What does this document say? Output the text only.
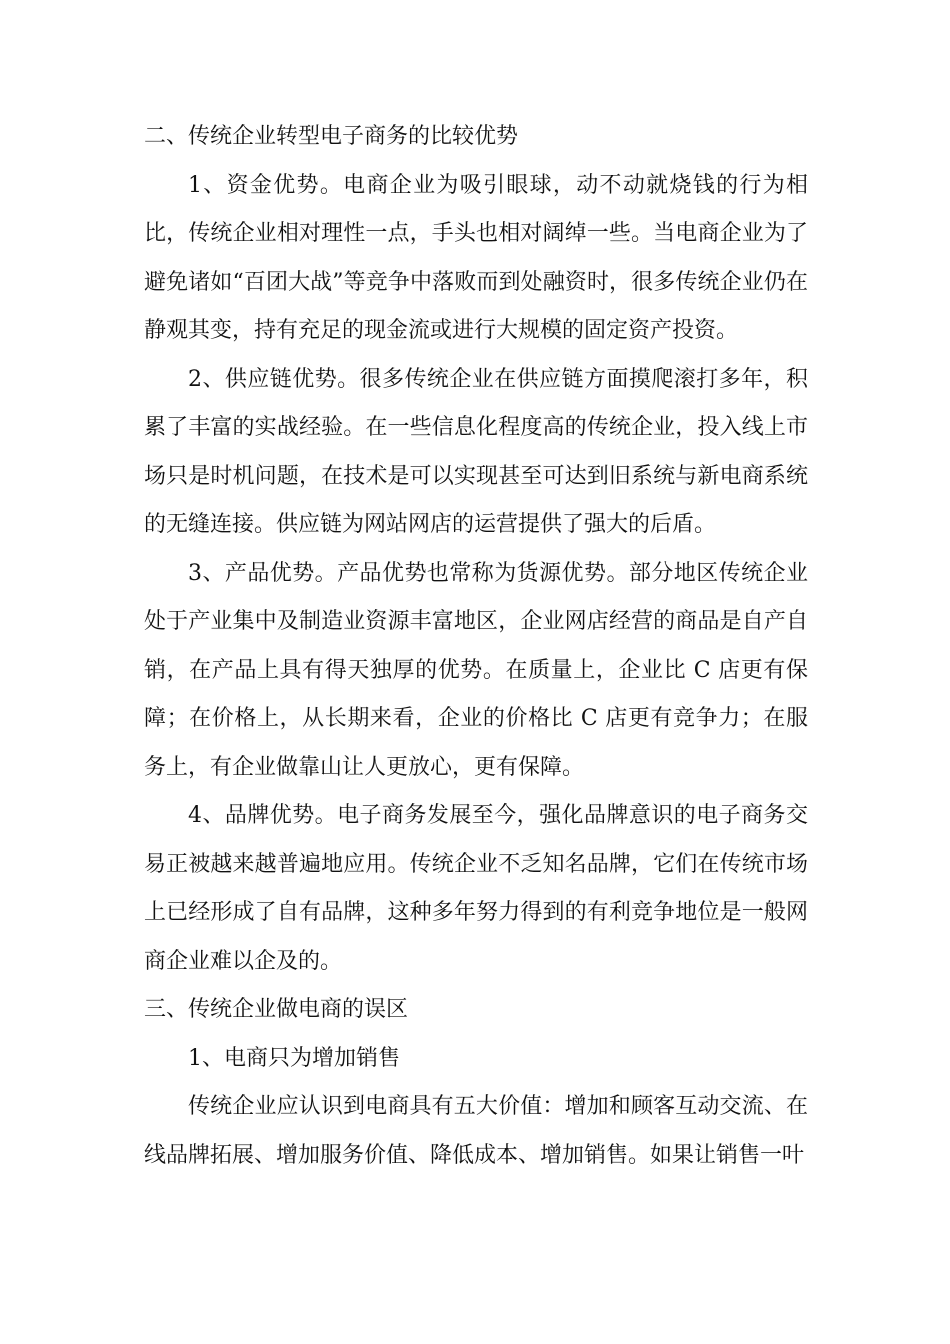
二、传统企业转型电子商务的比较优势

1、资金优势。电商企业为吸引眼球，动不动就烧钱的行为相比，传统企业相对理性一点，手头也相对阔绰一些。当电商企业为了避免诸如“百团大战”等竞争中落败而到处融资时，很多传统企业仍在静观其变，持有充足的现金流或进行大规模的固定资产投资。

2、供应链优势。很多传统企业在供应链方面摸爬滚打多年，积累了丰富的实战经验。在一些信息化程度高的传统企业，投入线上市场只是时机问题，在技术是可以实现甚至可达到旧系统与新电商系统的无缝连接。供应链为网站网店的运营提供了强大的后盾。

3、产品优势。产品优势也常称为货源优势。部分地区传统企业处于产业集中及制造业资源丰富地区，企业网店经营的商品是自产自销，在产品上具有得天独厚的优势。在质量上，企业比 C 店更有保障；在价格上，从长期来看，企业的价格比 C 店更有竞争力；在服务上，有企业做靠山让人更放心，更有保障。

4、品牌优势。电子商务发展至今，强化品牌意识的电子商务交易正被越来越普遍地应用。传统企业不乏知名品牌，它们在传统市场上已经形成了自有品牌，这种多年努力得到的有利竞争地位是一般网商企业难以企及的。

三、传统企业做电商的误区

1、电商只为增加销售

传统企业应认识到电商具有五大价值：增加和顾客互动交流、在线品牌拓展、增加服务价值、降低成本、增加销售。如果让销售一叶
